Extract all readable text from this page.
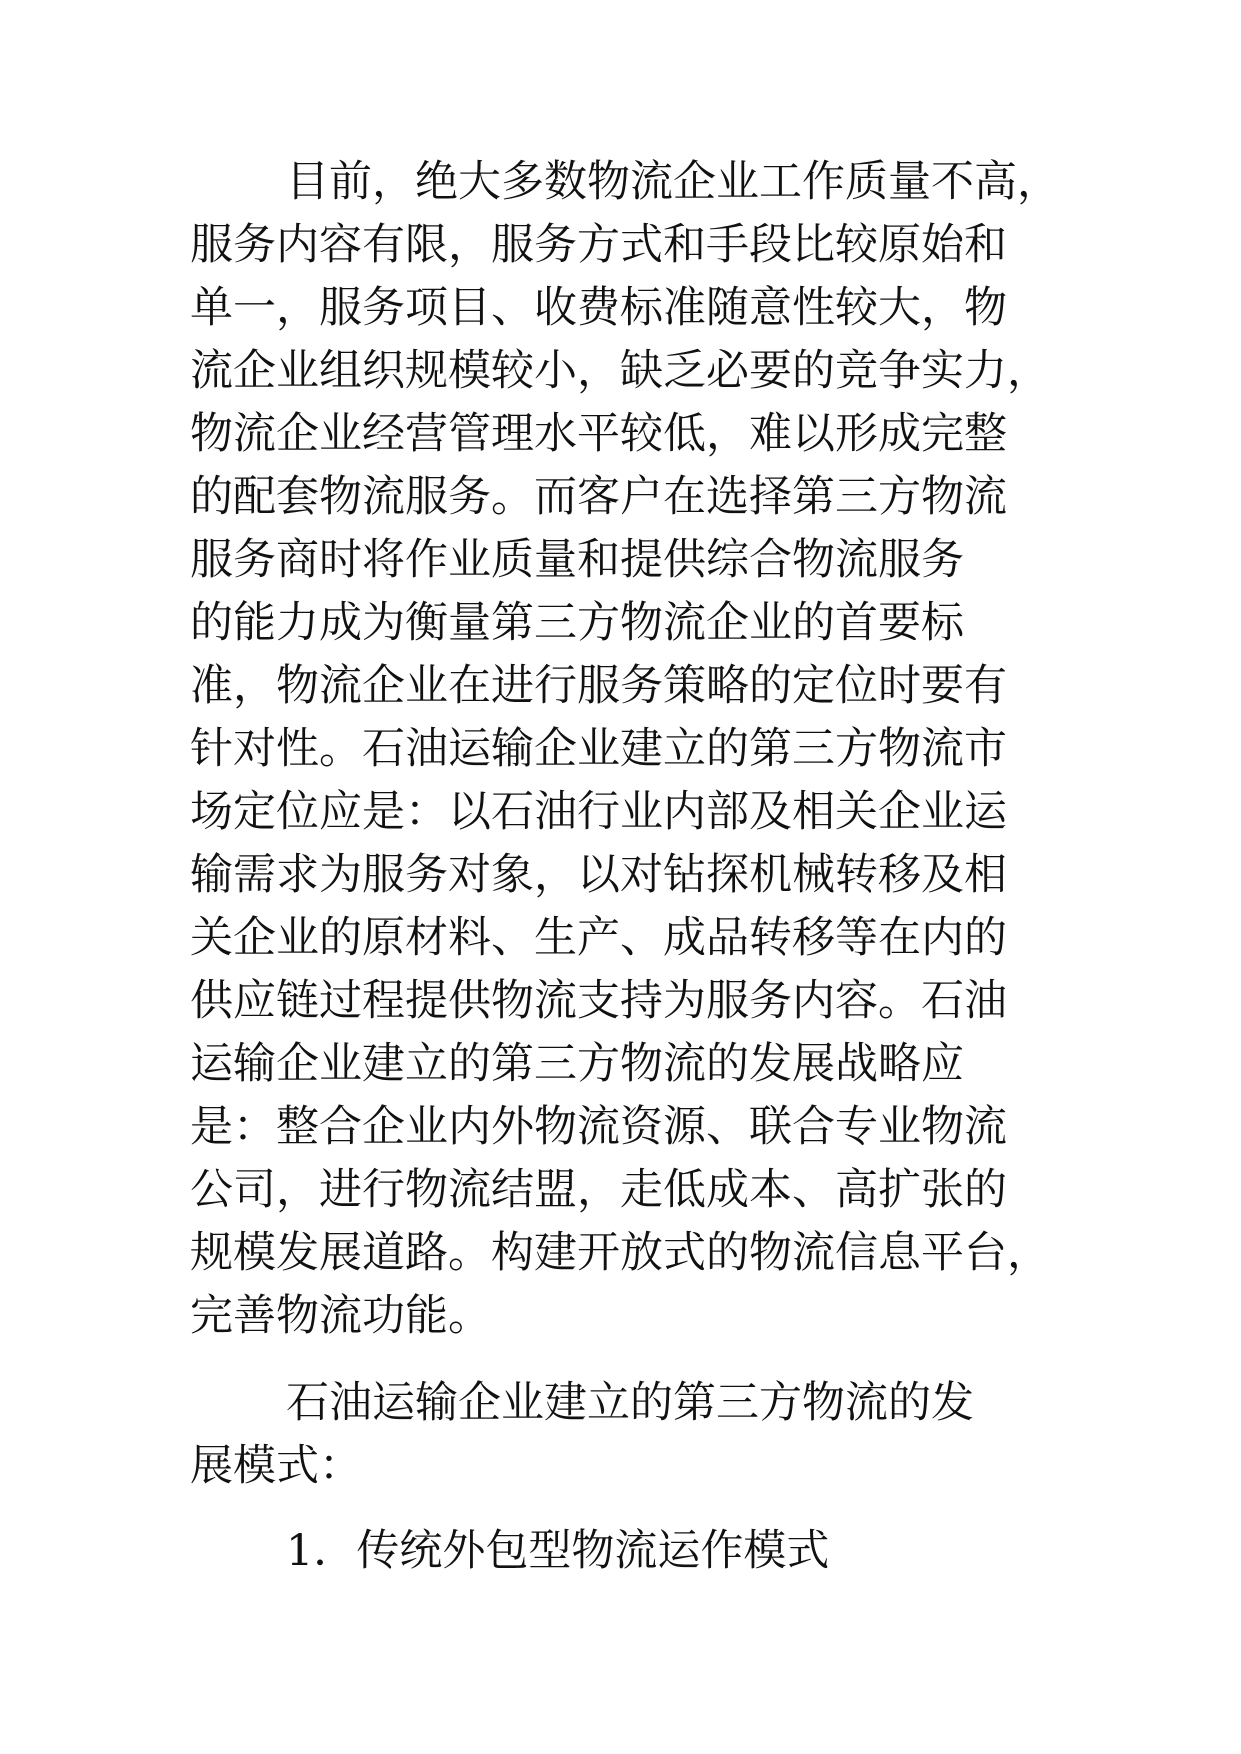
目前，绝大多数物流企业工作质量不高，
服务内容有限，服务方式和手段比较原始和
单一，服务项目、收费标准随意性较大，物
流企业组织规模较小，缺乏必要的竞争实力，
物流企业经营管理水平较低，难以形成完整
的配套物流服务。而客户在选择第三方物流
服务商时将作业质量和提供综合物流服务
的能力成为衡量第三方物流企业的首要标
准，物流企业在进行服务策略的定位时要有
针对性。石油运输企业建立的第三方物流市
场定位应是：以石油行业内部及相关企业运
输需求为服务对象，以对钻探机械转移及相
关企业的原材料、生产、成品转移等在内的
供应链过程提供物流支持为服务内容。石油
运输企业建立的第三方物流的发展战略应
是：整合企业内外物流资源、联合专业物流
公司，进行物流结盟，走低成本、高扩张的
规模发展道路。构建开放式的物流信息平台，
完善物流功能。
石油运输企业建立的第三方物流的发
展模式：
1．传统外包型物流运作模式
